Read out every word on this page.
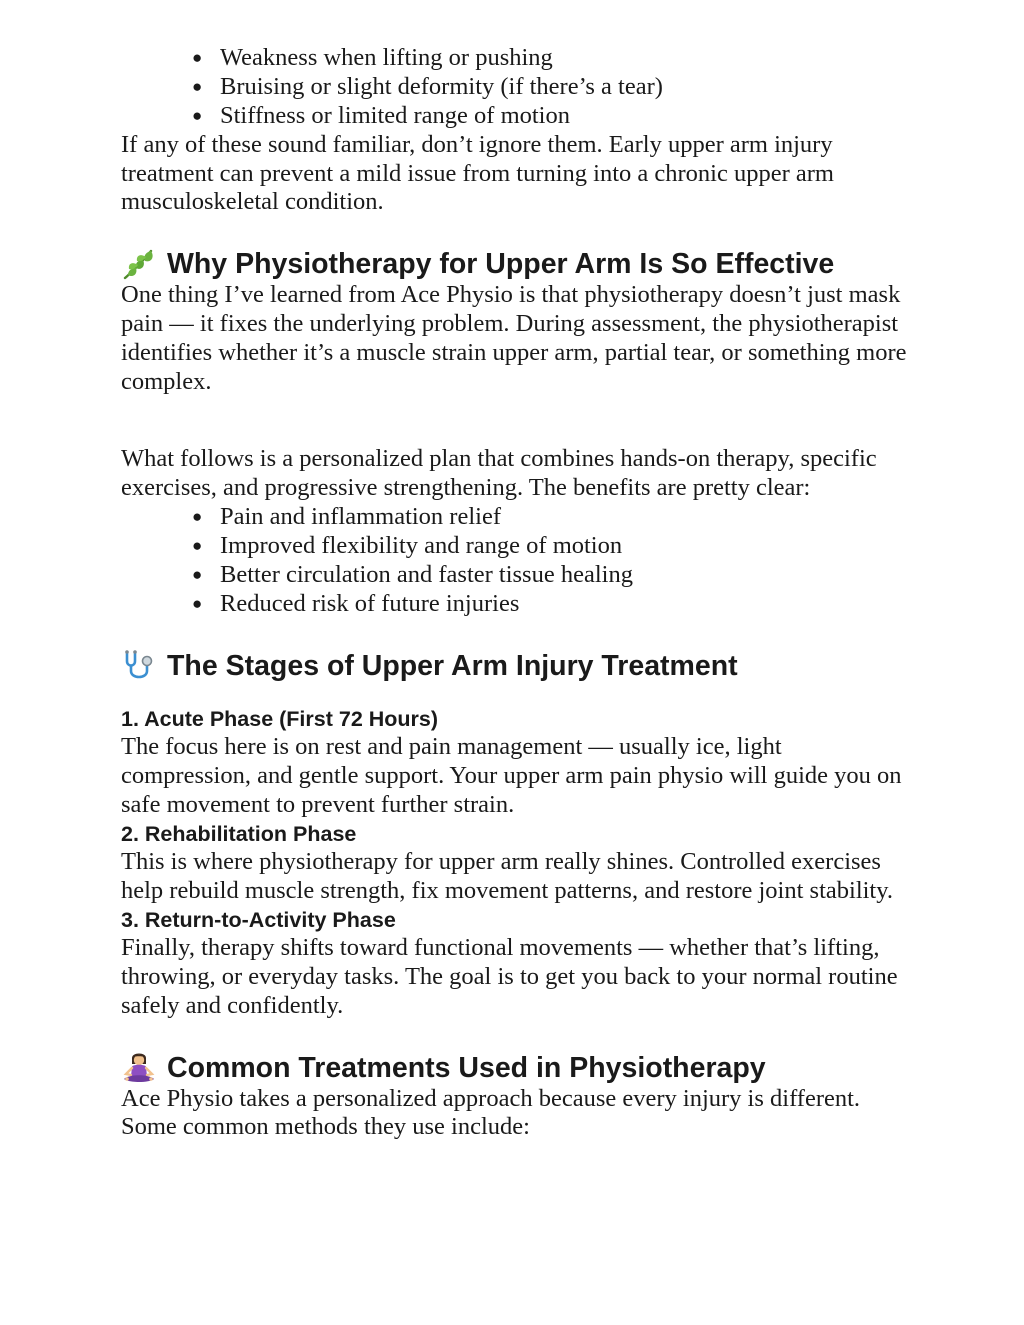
● Weakness when lifting or pushing
● Bruising or slight deformity (if there’s a tear)
● Stiffness or limited range of motion

If any of these sound familiar, don’t ignore them. Early upper arm injury treatment can prevent a mild issue from turning into a chronic upper arm musculoskeletal condition.

Why Physiotherapy for Upper Arm Is So Effective

One thing I’ve learned from Ace Physio is that physiotherapy doesn’t just mask pain — it fixes the underlying problem. During assessment, the physiotherapist identifies whether it’s a muscle strain upper arm, partial tear, or something more complex.

What follows is a personalized plan that combines hands-on therapy, specific exercises, and progressive strengthening. The benefits are pretty clear:

● Pain and inflammation relief
● Improved flexibility and range of motion
● Better circulation and faster tissue healing
● Reduced risk of future injuries
The Stages of Upper Arm Injury Treatment
1. Acute Phase (First 72 Hours)

The focus here is on rest and pain management — usually ice, light compression, and gentle support. Your upper arm pain physio will guide you on safe movement to prevent further strain.

2. Rehabilitation Phase

This is where physiotherapy for upper arm really shines. Controlled exercises help rebuild muscle strength, fix movement patterns, and restore joint stability.

3. Return-to-Activity Phase

Finally, therapy shifts toward functional movements — whether that’s lifting, throwing, or everyday tasks. The goal is to get you back to your normal routine safely and confidently.

Common Treatments Used in Physiotherapy

Ace Physio takes a personalized approach because every injury is different. Some common methods they use include:
